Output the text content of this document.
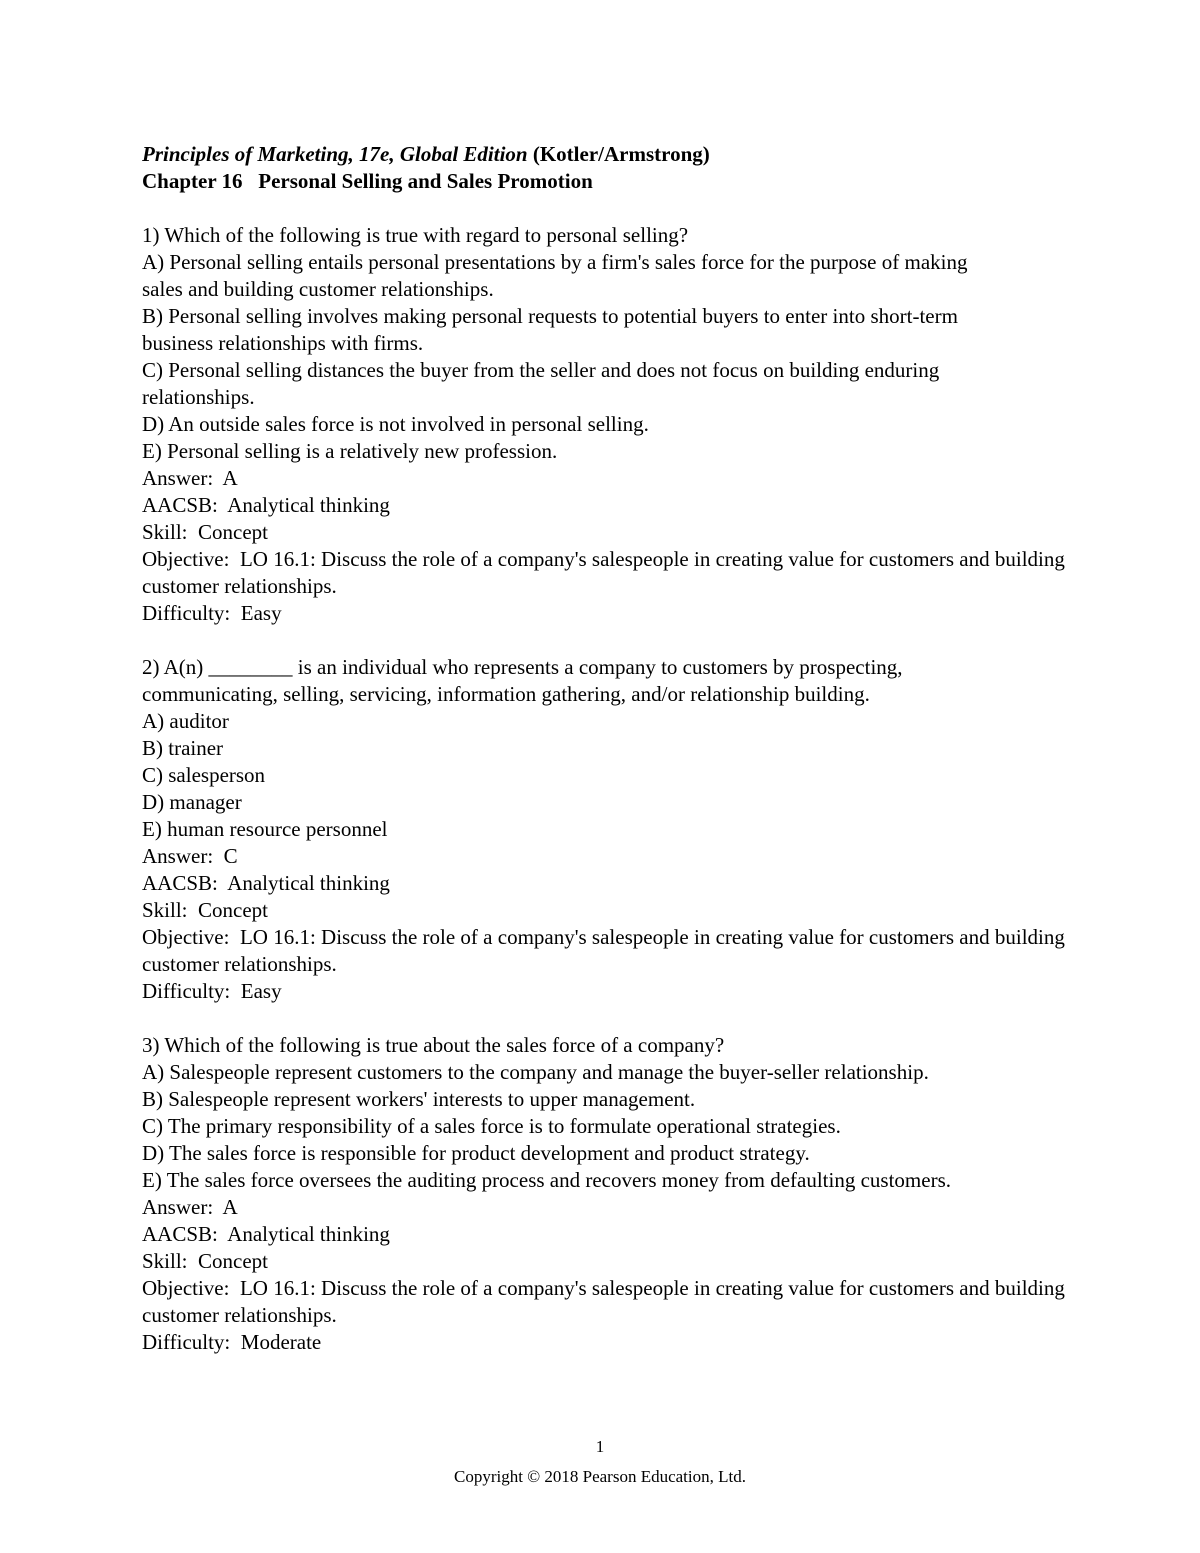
Principles of Marketing, 17e, Global Edition (Kotler/Armstrong)

Chapter 16   Personal Selling and Sales Promotion

1) Which of the following is true with regard to personal selling?

A) Personal selling entails personal presentations by a firm's sales force for the purpose of making sales and building customer relationships.

B) Personal selling involves making personal requests to potential buyers to enter into short-term business relationships with firms.

C) Personal selling distances the buyer from the seller and does not focus on building enduring relationships.

D) An outside sales force is not involved in personal selling.

E) Personal selling is a relatively new profession.

Answer:  A

AACSB:  Analytical thinking

Skill:  Concept

Objective:  LO 16.1: Discuss the role of a company's salespeople in creating value for customers and building customer relationships.

Difficulty:  Easy

2) A(n) ________ is an individual who represents a company to customers by prospecting, communicating, selling, servicing, information gathering, and/or relationship building.

A) auditor

B) trainer

C) salesperson

D) manager

E) human resource personnel

Answer:  C

AACSB:  Analytical thinking

Skill:  Concept

Objective:  LO 16.1: Discuss the role of a company's salespeople in creating value for customers and building customer relationships.

Difficulty:  Easy

3) Which of the following is true about the sales force of a company?

A) Salespeople represent customers to the company and manage the buyer-seller relationship.

B) Salespeople represent workers' interests to upper management.

C) The primary responsibility of a sales force is to formulate operational strategies.

D) The sales force is responsible for product development and product strategy.

E) The sales force oversees the auditing process and recovers money from defaulting customers.

Answer:  A

AACSB:  Analytical thinking

Skill:  Concept

Objective:  LO 16.1: Discuss the role of a company's salespeople in creating value for customers and building customer relationships.

Difficulty:  Moderate

1

Copyright © 2018 Pearson Education, Ltd.
